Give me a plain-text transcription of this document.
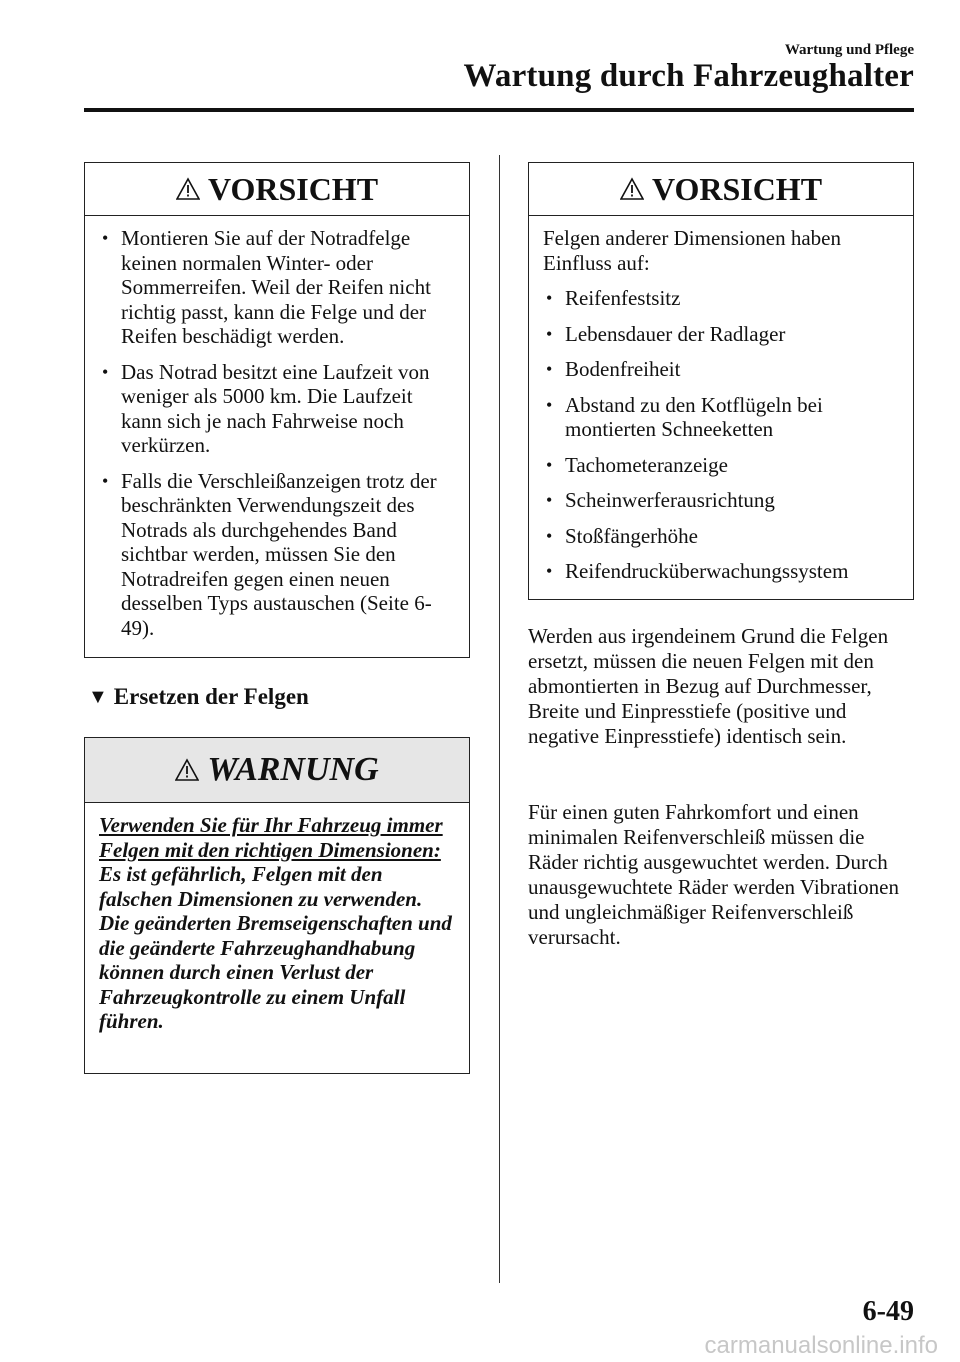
Wartung und Pflege
Wartung durch Fahrzeughalter
VORSICHT
• Montieren Sie auf der Notradfelge keinen normalen Winter- oder Sommerreifen. Weil der Reifen nicht richtig passt, kann die Felge und der Reifen beschädigt werden.
• Das Notrad besitzt eine Laufzeit von weniger als 5000 km. Die Laufzeit kann sich je nach Fahrweise noch verkürzen.
• Falls die Verschleißanzeigen trotz der beschränkten Verwendungszeit des Notrads als durchgehendes Band sichtbar werden, müssen Sie den Notradreifen gegen einen neuen desselben Typs austauschen (Seite 6-49).
▼ Ersetzen der Felgen
WARNUNG
Verwenden Sie für Ihr Fahrzeug immer Felgen mit den richtigen Dimensionen:
Es ist gefährlich, Felgen mit den falschen Dimensionen zu verwenden. Die geänderten Bremseigenschaften und die geänderte Fahrzeughandhabung können durch einen Verlust der Fahrzeugkontrolle zu einem Unfall führen.
VORSICHT
Felgen anderer Dimensionen haben Einfluss auf:
• Reifenfestsitz
• Lebensdauer der Radlager
• Bodenfreiheit
• Abstand zu den Kotflügeln bei montierten Schneeketten
• Tachometeranzeige
• Scheinwerferausrichtung
• Stoßfängerhöhe
• Reifendrucküberwachungssystem
Werden aus irgendeinem Grund die Felgen ersetzt, müssen die neuen Felgen mit den abmontierten in Bezug auf Durchmesser, Breite und Einpresstiefe (positive und negative Einpresstiefe) identisch sein.
Für einen guten Fahrkomfort und einen minimalen Reifenverschleiß müssen die Räder richtig ausgewuchtet werden. Durch unausgewuchtete Räder werden Vibrationen und ungleichmäßiger Reifenverschleiß verursacht.
6-49
carmanualsonline.info
